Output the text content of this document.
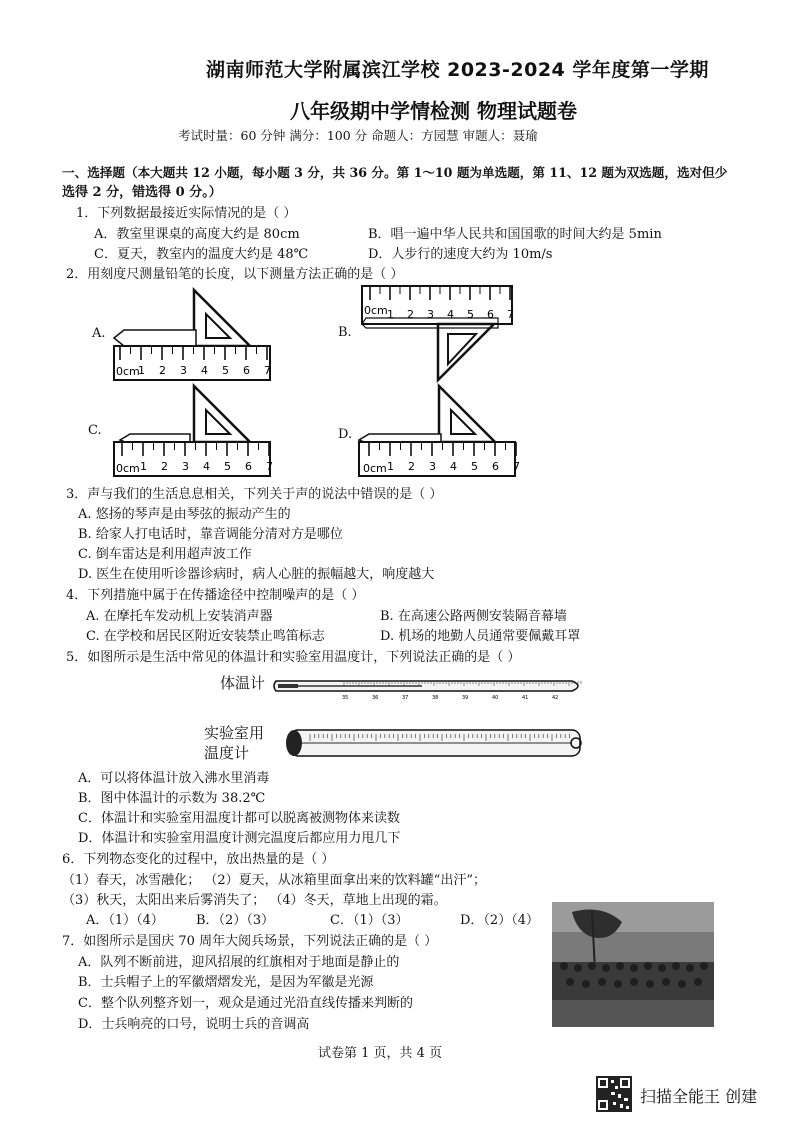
湖南师范大学附属滨江学校 2023-2024 学年度第一学期
八年级期中学情检测 物理试题卷
考试时量：60 分钟 满分：100 分 命题人：方园慧 审题人：聂瑜
一、选择题（本大题共 12 小题，每小题 3 分，共 36 分。第 1～10 题为单选题，第 11、12 题为双选题，选对但少
选得 2 分，错选得 0 分。）
1．下列数据最接近实际情况的是（ ）
A．教室里课桌的高度大约是 80cm	B．唱一遍中华人民共和国国歌的时间大约是 5min
C．夏天，教室内的温度大约是 48℃	D．人步行的速度大约为 10m/s
2．用刻度尺测量铅笔的长度，以下测量方法正确的是（ ）
A.
1 2 3 4 5 6 7
0cm
B.
1 2 3 4 5 6 7
0cm
C.
1 2 3 4 5 6 7
0cm
D.
1 2 3 4 5 6 7
0cm
3．声与我们的生活息息相关，下列关于声的说法中错误的是（ ）
A. 悠扬的琴声是由琴弦的振动产生的
B. 给家人打电话时，靠音调能分清对方是哪位
C. 倒车雷达是利用超声波工作
D. 医生在使用听诊器诊病时，病人心脏的振幅越大，响度越大
4．下列措施中属于在传播途径中控制噪声的是（ ）
A. 在摩托车发动机上安装消声器	B. 在高速公路两侧安装隔音幕墙
C. 在学校和居民区附近安装禁止鸣笛标志	D. 机场的地勤人员通常要佩戴耳罩
5．如图所示是生活中常见的体温计和实验室用温度计，下列说法正确的是（ ）
体温计
35	36	37	38	39	40	41	42
实验室用
温度计
A．可以将体温计放入沸水里消毒
B．图中体温计的示数为 38.2℃
C．体温计和实验室用温度计都可以脱离被测物体来读数
D．体温计和实验室用温度计测完温度后都应用力甩几下
6．下列物态变化的过程中，放出热量的是（ ）
（1）春天，冰雪融化； （2）夏天，从冰箱里面拿出来的饮料罐“出汗”；
（3）秋天，太阳出来后雾消失了； （4）冬天，草地上出现的霜。
A．（1）（4） B．（2）（3）	C．（1）（3）	D．（2）（4）
7．如图所示是国庆 70 周年大阅兵场景，下列说法正确的是（ ）
A．队列不断前进，迎风招展的红旗相对于地面是静止的
B．士兵帽子上的军徽熠熠发光，是因为军徽是光源
C．整个队列整齐划一，观众是通过光沿直线传播来判断的
D．士兵响亮的口号，说明士兵的音调高
试卷第 1 页，共 4 页
扫描全能王 创建
